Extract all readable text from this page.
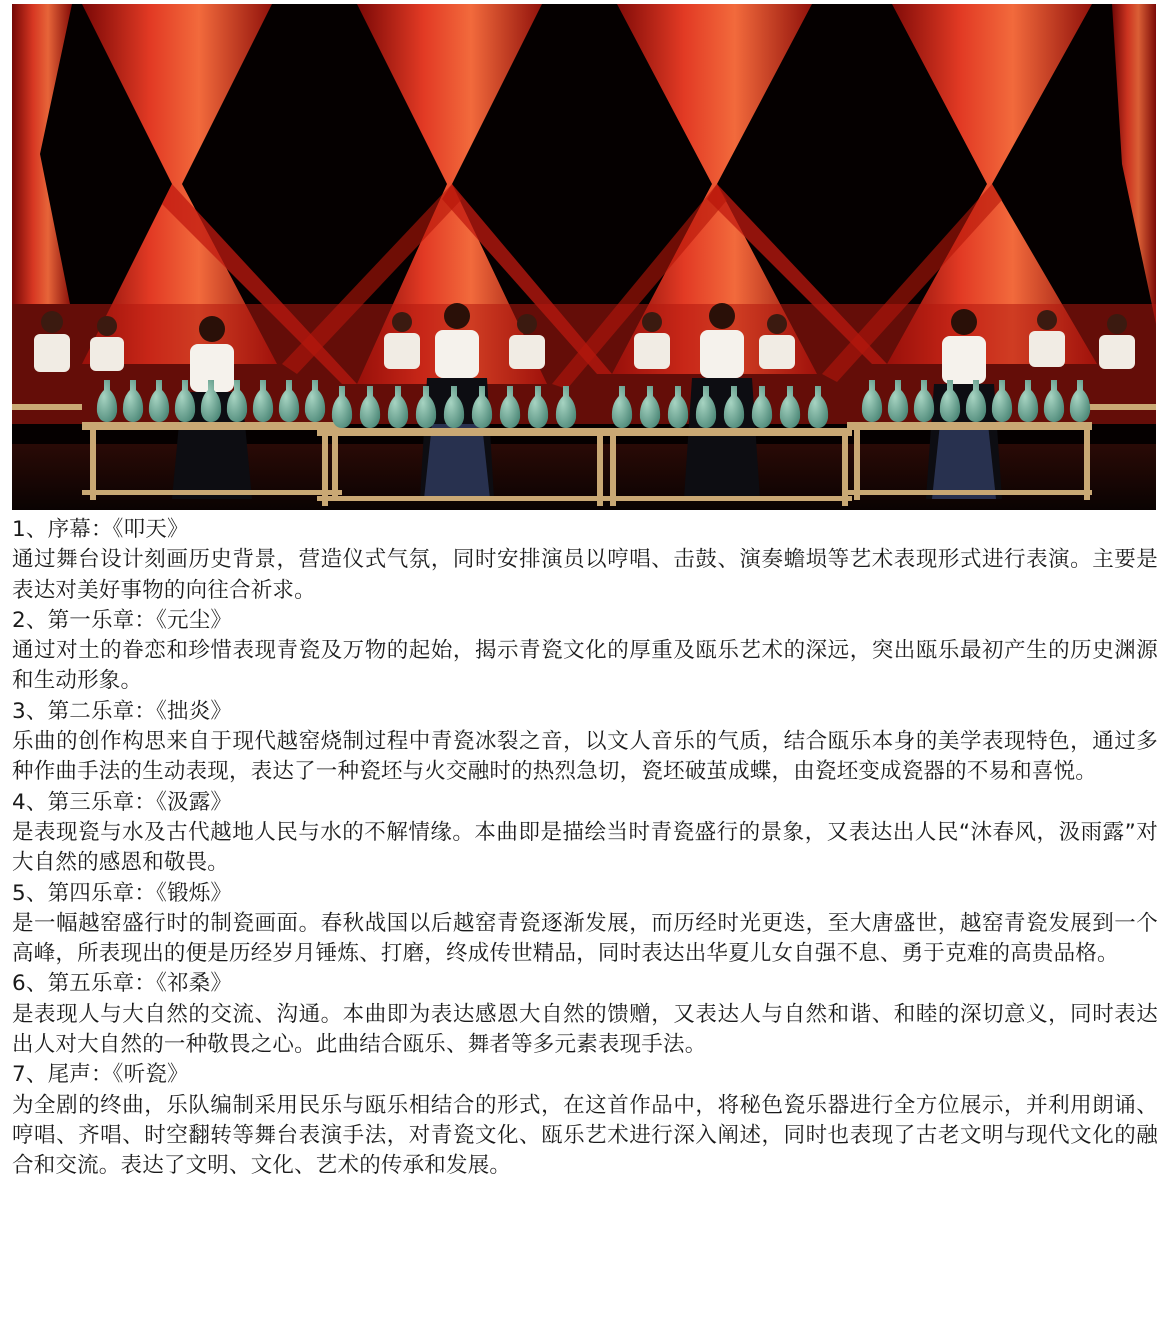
1、序幕：《叩天》

通过舞台设计刻画历史背景，营造仪式气氛，同时安排演员以哼唱、击鼓、演奏蟾埙等艺术表现形式进行表演。主要是表达对美好事物的向往合祈求。

2、第一乐章：《元尘》

通过对土的眷恋和珍惜表现青瓷及万物的起始，揭示青瓷文化的厚重及瓯乐艺术的深远，突出瓯乐最初产生的历史渊源和生动形象。

3、第二乐章：《拙炎》

乐曲的创作构思来自于现代越窑烧制过程中青瓷冰裂之音，以文人音乐的气质，结合瓯乐本身的美学表现特色，通过多种作曲手法的生动表现，表达了一种瓷坯与火交融时的热烈急切，瓷坯破茧成蝶，由瓷坯变成瓷器的不易和喜悦。

4、第三乐章：《汲露》

是表现瓷与水及古代越地人民与水的不解情缘。本曲即是描绘当时青瓷盛行的景象，又表达出人民“沐春风，汲雨露”对大自然的感恩和敬畏。

5、第四乐章：《锻烁》

是一幅越窑盛行时的制瓷画面。春秋战国以后越窑青瓷逐渐发展，而历经时光更迭，至大唐盛世，越窑青瓷发展到一个高峰，所表现出的便是历经岁月锤炼、打磨，终成传世精品，同时表达出华夏儿女自强不息、勇于克难的高贵品格。

6、第五乐章：《祁桑》

是表现人与大自然的交流、沟通。本曲即为表达感恩大自然的馈赠，又表达人与自然和谐、和睦的深切意义，同时表达出人对大自然的一种敬畏之心。此曲结合瓯乐、舞者等多元素表现手法。

7、尾声：《听瓷》

为全剧的终曲，乐队编制采用民乐与瓯乐相结合的形式，在这首作品中，将秘色瓷乐器进行全方位展示，并利用朗诵、哼唱、齐唱、时空翻转等舞台表演手法，对青瓷文化、瓯乐艺术进行深入阐述，同时也表现了古老文明与现代文化的融合和交流。表达了文明、文化、艺术的传承和发展。
